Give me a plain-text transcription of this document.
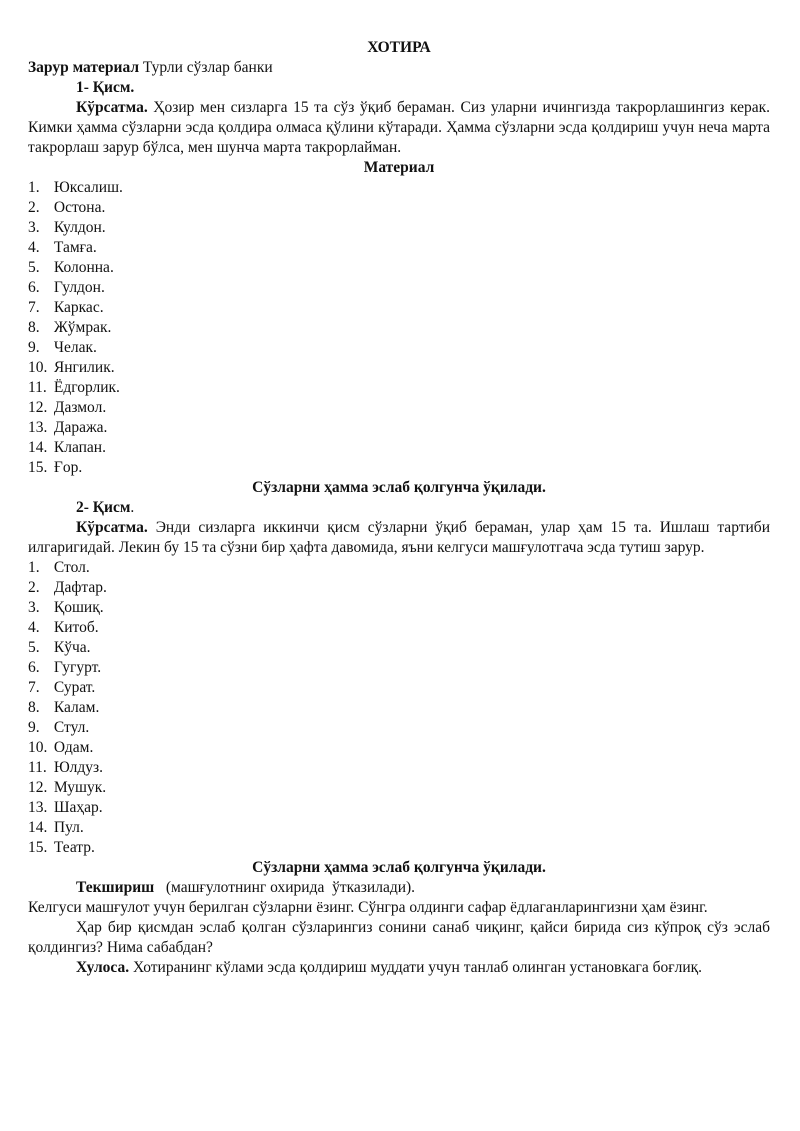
ХОТИРА

Зарур материал Турли сўзлар банки

1- Қисм.

Кўрсатма. Ҳозир мен сизларга 15 та сўз ўқиб бераман. Сиз уларни ичингизда такрорлашингиз керак. Кимки ҳамма сўзларни эсда қолдира олмаса қўлини кўтаради. Ҳамма сўзларни эсда қолдириш учун неча марта такрорлаш зарур бўлса, мен шунча марта такрорлайман.

Материал

1. Юксалиш.
2. Остона.
3. Кулдон.
4. Тамға.
5. Колонна.
6. Гулдон.
7. Каркас.
8. Жўмрак.
9. Челак.
10. Янгилик.
11. Ёдгорлик.
12. Дазмол.
13. Даража.
14. Клапан.
15. Ғор.

Сўзларни ҳамма эслаб қолгунча ўқилади.

2- Қисм.

Кўрсатма. Энди сизларга иккинчи қисм сўзларни ўқиб бераман, улар ҳам 15 та. Ишлаш тартиби илгаригидай. Лекин бу 15 та сўзни бир ҳафта давомида, яъни келгуси машғулотгача эсда тутиш зарур.

1. Стол.
2. Дафтар.
3. Қошиқ.
4. Китоб.
5. Кўча.
6. Гугурт.
7. Сурат.
8. Калам.
9. Стул.
10. Одам.
11. Юлдуз.
12. Мушук.
13. Шаҳар.
14. Пул.
15. Театр.

Сўзларни ҳамма эслаб қолгунча ўқилади.

Текшириш   (машғулотнинг охирида  ўтказилади).

Келгуси машғулот учун берилган сўзларни ёзинг. Сўнгра олдинги сафар ёдлаганларингизни ҳам ёзинг.

Ҳар бир қисмдан эслаб қолган сўзларингиз сонини санаб чиқинг, қайси бирида сиз кўпроқ сўз эслаб қолдингиз? Нима сабабдан?

Хулоса. Хотиранинг кўлами эсда қолдириш муддати учун танлаб олинган установкага боғлиқ.
